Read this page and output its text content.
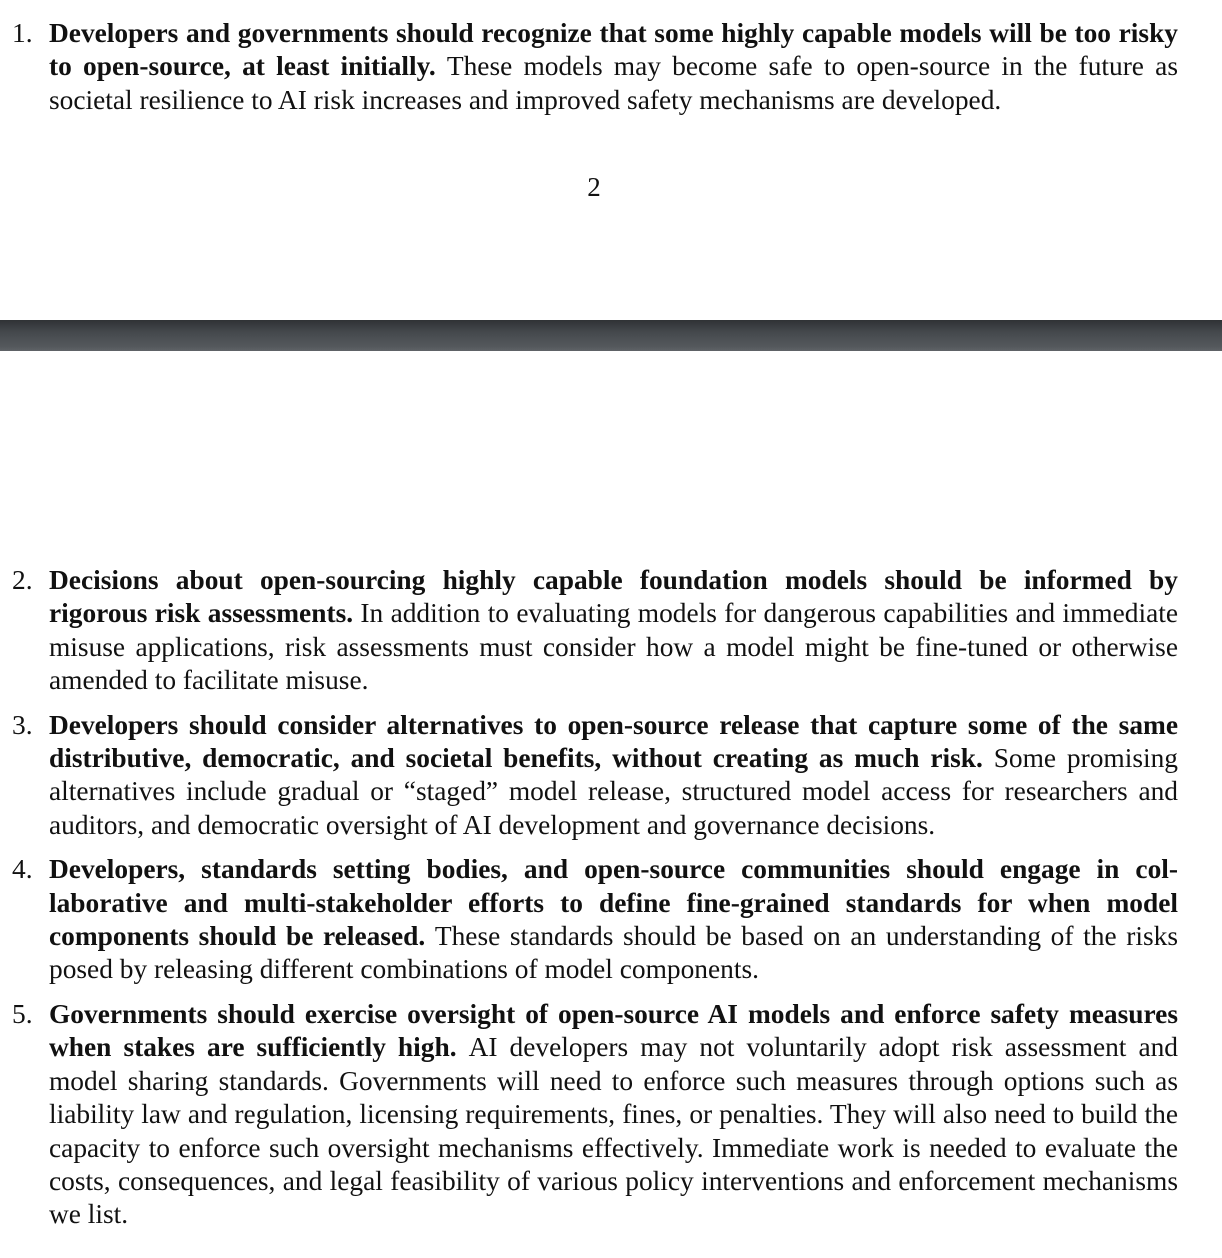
1. Developers and governments should recognize that some highly capable models will be too risky to open-source, at least initially. These models may become safe to open-source in the future as societal resilience to AI risk increases and improved safety mechanisms are developed.
2
2. Decisions about open-sourcing highly capable foundation models should be informed by rigorous risk assessments. In addition to evaluating models for dangerous capabilities and immediate misuse applications, risk assessments must consider how a model might be fine-tuned or otherwise amended to facilitate misuse.
3. Developers should consider alternatives to open-source release that capture some of the same distributive, democratic, and societal benefits, without creating as much risk. Some promising alternatives include gradual or “staged” model release, structured model access for researchers and auditors, and democratic oversight of AI development and governance decisions.
4. Developers, standards setting bodies, and open-source communities should engage in collaborative and multi-stakeholder efforts to define fine-grained standards for when model components should be released. These standards should be based on an understanding of the risks posed by releasing different combinations of model components.
5. Governments should exercise oversight of open-source AI models and enforce safety measures when stakes are sufficiently high. AI developers may not voluntarily adopt risk assessment and model sharing standards. Governments will need to enforce such measures through options such as liability law and regulation, licensing requirements, fines, or penalties. They will also need to build the capacity to enforce such oversight mechanisms effectively. Immediate work is needed to evaluate the costs, consequences, and legal feasibility of various policy interventions and enforcement mechanisms we list.
